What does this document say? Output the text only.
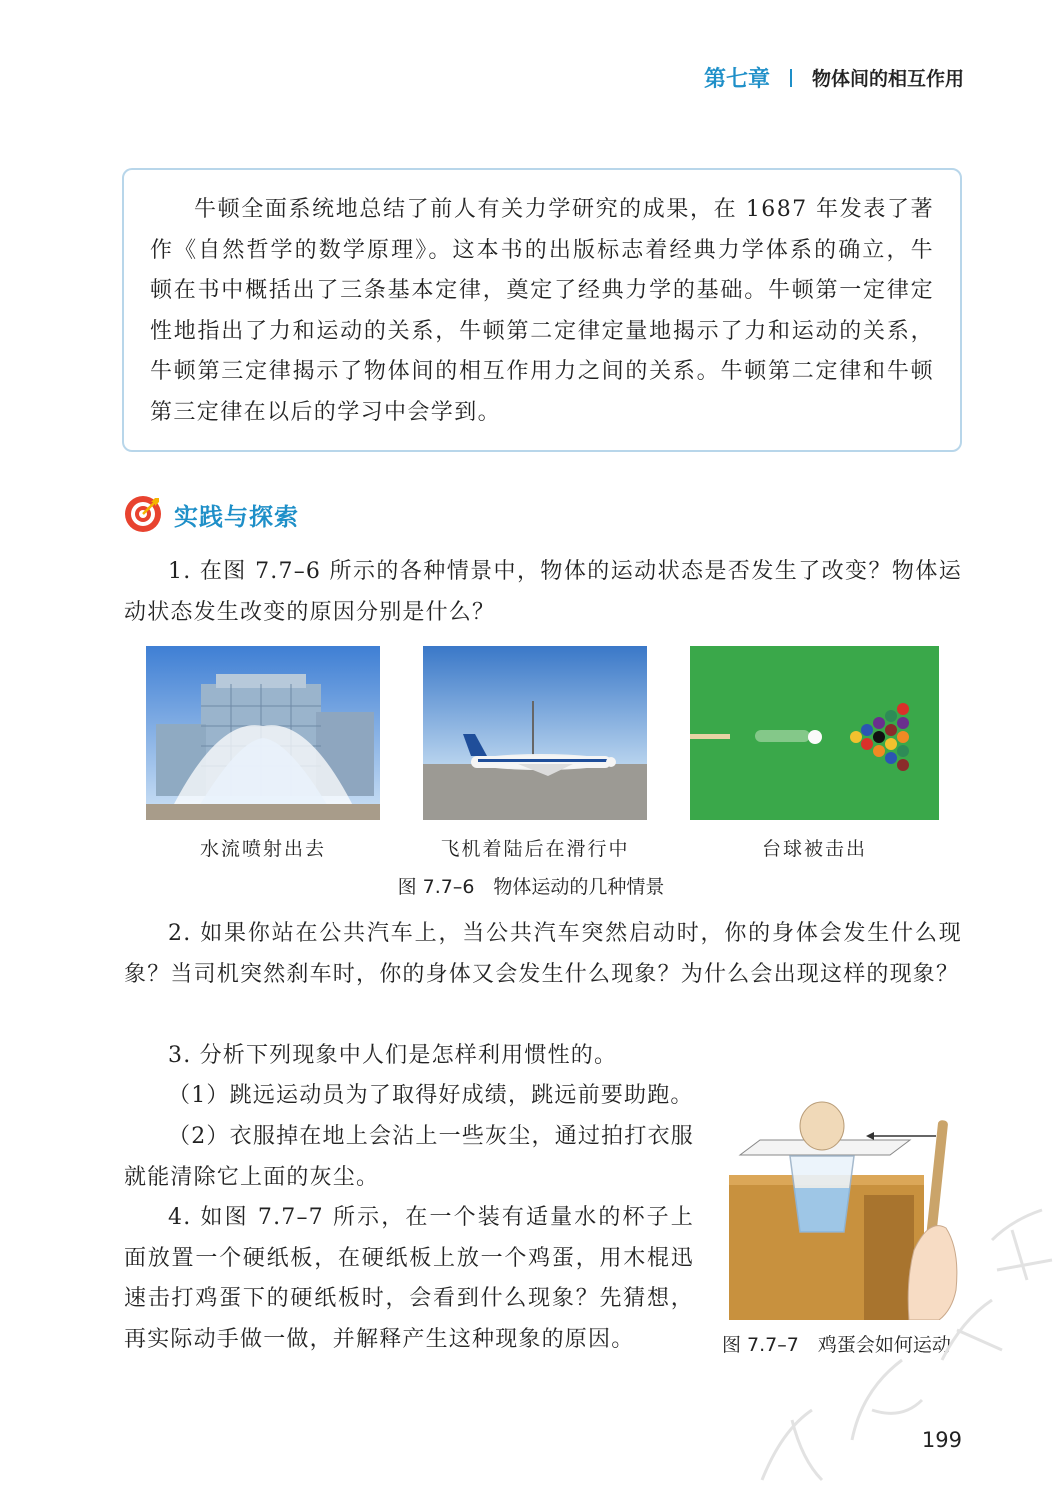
第七章 物体间的相互作用

牛顿全面系统地总结了前人有关力学研究的成果，在 1687 年发表了著作《自然哲学的数学原理》。这本书的出版标志着经典力学体系的确立，牛顿在书中概括出了三条基本定律，奠定了经典力学的基础。牛顿第一定律定性地指出了力和运动的关系，牛顿第二定律定量地揭示了力和运动的关系，牛顿第三定律揭示了物体间的相互作用力之间的关系。牛顿第二定律和牛顿第三定律在以后的学习中会学到。

实践与探索

1. 在图 7.7–6 所示的各种情景中，物体的运动状态是否发生了改变？物体运动状态发生改变的原因分别是什么？

水流喷射出去	飞机着陆后在滑行中	台球被击出
图 7.7–6　物体运动的几种情景

2. 如果你站在公共汽车上，当公共汽车突然启动时，你的身体会发生什么现象？当司机突然刹车时，你的身体又会发生什么现象？为什么会出现这样的现象？

3. 分析下列现象中人们是怎样利用惯性的。

（1）跳远运动员为了取得好成绩，跳远前要助跑。

（2）衣服掉在地上会沾上一些灰尘，通过拍打衣服就能清除它上面的灰尘。

4. 如图 7.7–7 所示，在一个装有适量水的杯子上面放置一个硬纸板，在硬纸板上放一个鸡蛋，用木棍迅速击打鸡蛋下的硬纸板时，会看到什么现象？先猜想，再实际动手做一做，并解释产生这种现象的原因。	图 7.7–7　鸡蛋会如何运动
199
